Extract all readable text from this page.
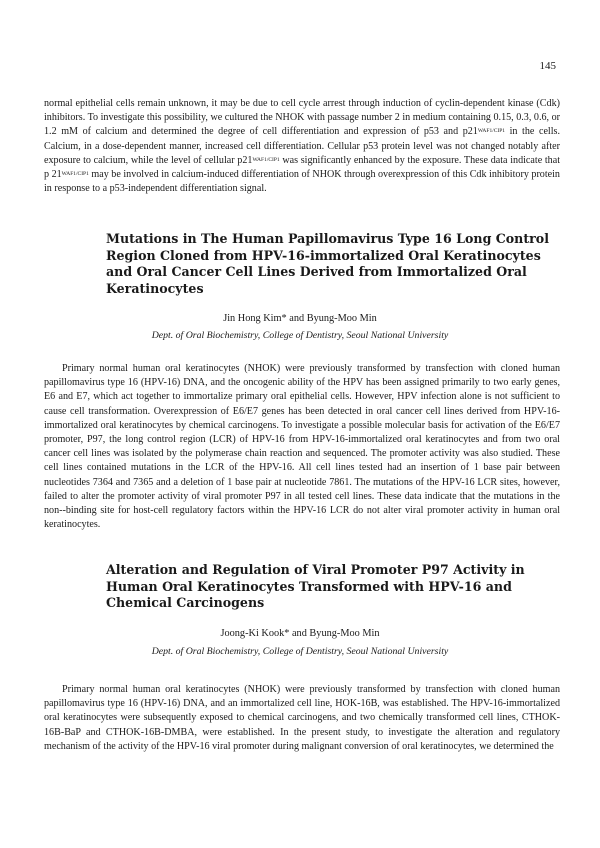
145

normal epithelial cells remain unknown, it may be due to cell cycle arrest through induction of cyclin-dependent kinase (Cdk) inhibitors. To investigate this possibility, we cultured the NHOK with passage number 2 in medium containing 0.15, 0.3, 0.6, or 1.2 mM of calcium and determined the degree of cell differentiation and expression of p53 and $p21^{WAF1/CIP1}$ in the cells. Calcium, in a dose-dependent manner, increased cell differentiation. Cellular p53 protein level was not changed notably after exposure to calcium, while the level of cellular $p21^{WAF1/CIP1}$ was significantly enhanced by the exposure. These data indicate that p $21^{WAF1/CIP1}$ may be involved in calcium-induced differentiation of NHOK through overexpression of this Cdk inhibitory protein in response to a p53-independent differentiation signal.

Mutations in The Human Papillomavirus Type 16 Long Control Region Cloned from HPV-16-immortalized Oral Keratinocytes and Oral Cancer Cell Lines Derived from Immortalized Oral Keratinocytes

Jin Hong Kim* and Byung-Moo Min

Dept. of Oral Biochemistry, College of Dentistry, Seoul National University

Primary normal human oral keratinocytes (NHOK) were previously transformed by transfection with cloned human papillomavirus type 16 (HPV-16) DNA, and the oncogenic ability of the HPV has been assigned primarily to two early genes, E6 and E7, which act together to immortalize primary oral epithelial cells. However, HPV infection alone is not sufficient to cause cell transformation. Overexpression of E6/E7 genes has been detected in oral cancer cell lines derived from HPV-16-immortalized oral keratinocytes by chemical carcinogens. To investigate a possible molecular basis for activation of the E6/E7 promoter, P97, the long control region (LCR) of HPV-16 from HPV-16-immortalized oral keratinocytes and from two oral cancer cell lines was isolated by the polymerase chain reaction and sequenced. The promoter activity was also studied. These cell lines contained mutations in the LCR of the HPV-16. All cell lines tested had an insertion of 1 base pair between nucleotides 7364 and 7365 and a deletion of 1 base pair at nucleotide 7861. The mutations of the HPV-16 LCR sites, however, failed to alter the promoter activity of viral promoter P97 in all tested cell lines. These data indicate that the mutations in the non--binding site for host-cell regulatory factors within the HPV-16 LCR do not alter viral promoter activity in human oral keratinocytes.

Alteration and Regulation of Viral Promoter P97 Activity in Human Oral Keratinocytes Transformed with HPV-16 and Chemical Carcinogens

Joong-Ki Kook* and Byung-Moo Min

Dept. of Oral Biochemistry, College of Dentistry, Seoul National University

Primary normal human oral keratinocytes (NHOK) were previously transformed by transfection with cloned human papillomavirus type 16 (HPV-16) DNA, and an immortalized cell line, HOK-16B, was established. The HPV-16-immortalized oral keratinocytes were subsequently exposed to chemical carcinogens, and two chemically transformed cell lines, CTHOK-16B-BaP and CTHOK-16B-DMBA, were established. In the present study, to investigate the alteration and regulatory mechanism of the activity of the HPV-16 viral promoter during malignant conversion of oral keratinocytes, we determined the
